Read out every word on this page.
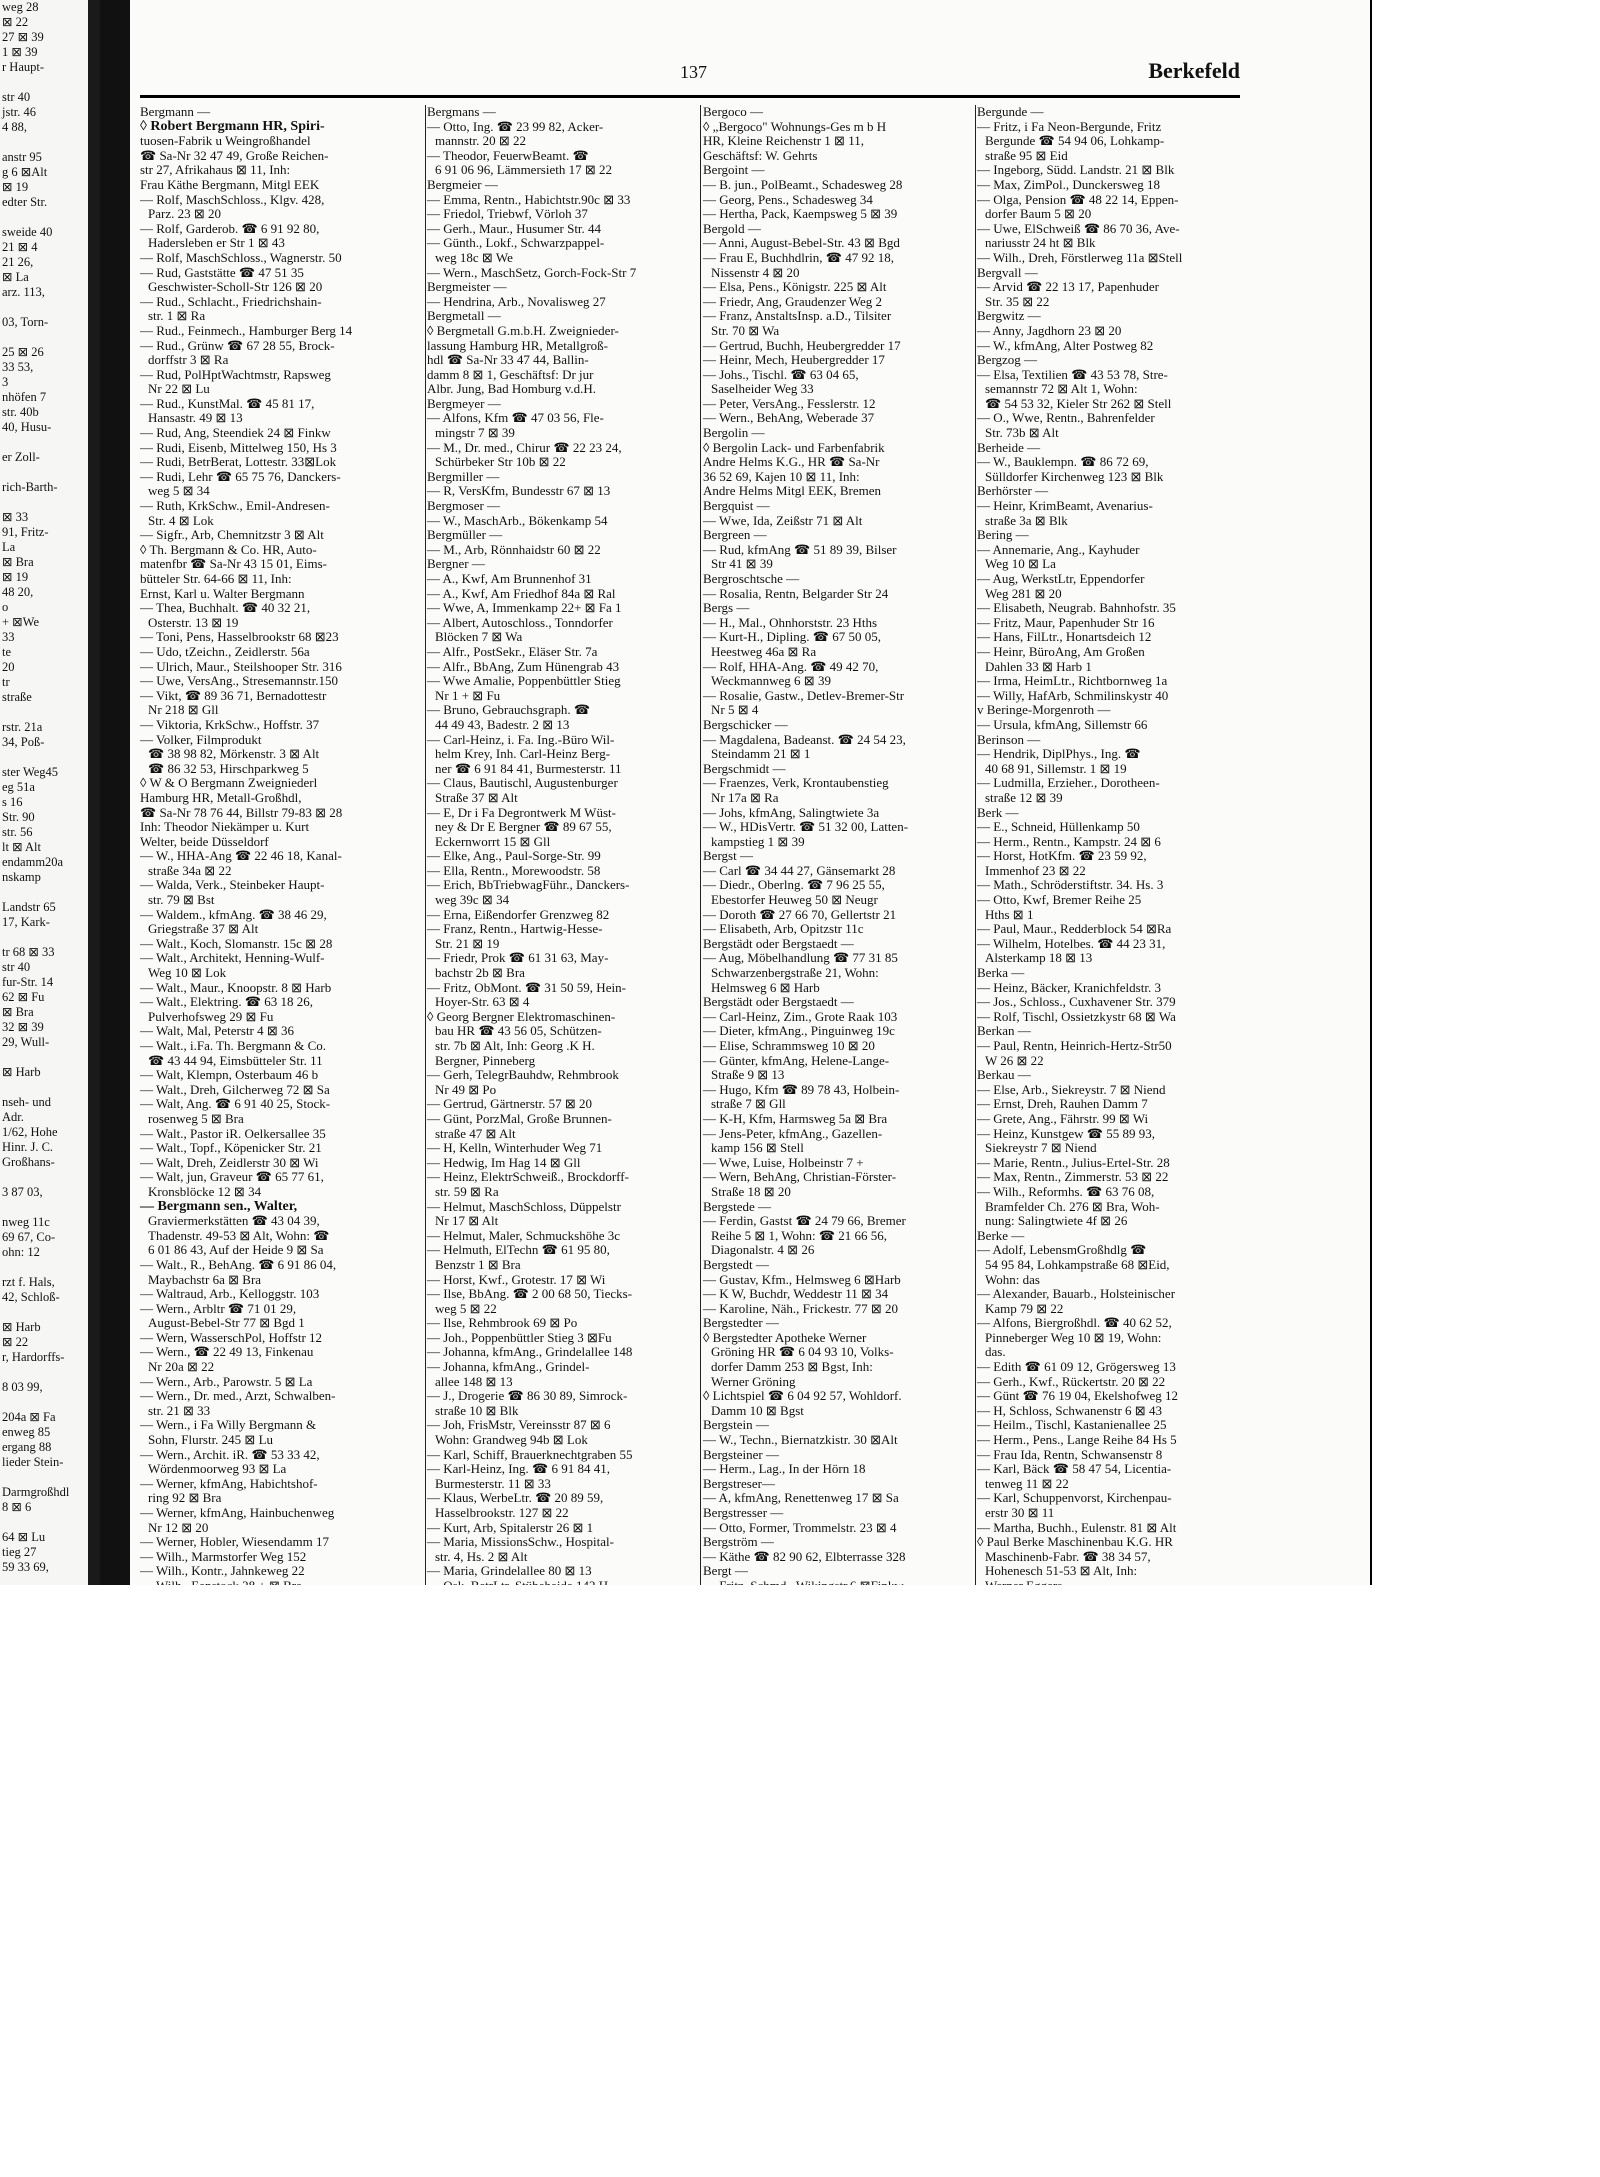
weg 28
⊠ 22
27 ⊠ 39
1 ⊠ 39
r Haupt-

str 40
jstr. 46
4 88,

anstr 95
g 6 ⊠Alt
⊠ 19
edter Str.

sweide 40
21 ⊠ 4
21 26,
⊠ La
arz. 113,

03, Torn-

25 ⊠ 26
33 53,
3
nhöfen 7
str. 40b
40, Husu-

er Zoll-

rich-Barth-

⊠ 33
91, Fritz-
La
⊠ Bra
⊠ 19
48 20,
o
+ ⊠We
33
te
20
tr
straße

rstr. 21a
34, Poß-

ster Weg45
eg 51a
s 16
Str. 90
str. 56
lt ⊠ Alt
endamm20a
nskamp

Landstr 65
17, Kark-

tr 68 ⊠ 33
str 40
fur-Str. 14
62 ⊠ Fu
⊠ Bra
32 ⊠ 39
29, Wull-

⊠ Harb

nseh- und
Adr.
1/62, Hohe
Hinr. J. C.
Großhans-

3 87 03,

nweg 11c
69 67, Co-
ohn: 12

rzt f. Hals,
42, Schloß-

⊠ Harb
⊠ 22
r, Hardorffs-

8 03 99,

204a ⊠ Fa
enweg 85
ergang 88
lieder Stein-

Darmgroßhdl
8 ⊠ 6

64 ⊠ Lu
tieg 27
59 33 69,

137	Berkefeld
Bergmann —
◊ Robert Bergmann HR, Spiri-
tuosen-Fabrik u Weingroßhandel
☎ Sa-Nr 32 47 49, Große Reichen-
str 27, Afrikahaus ⊠ 11, Inh:
Frau Käthe Bergmann, Mitgl EEK
— Rolf, MaschSchloss., Klgv. 428,
Parz. 23 ⊠ 20
— Rolf, Garderob. ☎ 6 91 92 80,
Hadersleben er Str 1 ⊠ 43
— Rolf, MaschSchloss., Wagnerstr. 50
— Rud, Gaststätte ☎ 47 51 35
Geschwister-Scholl-Str 126 ⊠ 20
— Rud., Schlacht., Friedrichshain-
str. 1 ⊠ Ra
— Rud., Feinmech., Hamburger Berg 14
— Rud., Grünw ☎ 67 28 55, Brock-
dorffstr 3 ⊠ Ra
— Rud, PolHptWachtmstr, Rapsweg
Nr 22 ⊠ Lu
— Rud., KunstMal. ☎ 45 81 17,
Hansastr. 49 ⊠ 13
— Rud, Ang, Steendiek 24 ⊠ Finkw
— Rudi, Eisenb, Mittelweg 150, Hs 3
— Rudi, BetrBerat, Lottestr. 33⊠Lok
— Rudi, Lehr ☎ 65 75 76, Danckers-
weg 5 ⊠ 34
— Ruth, KrkSchw., Emil-Andresen-
Str. 4 ⊠ Lok
— Sigfr., Arb, Chemnitzstr 3 ⊠ Alt
◊ Th. Bergmann & Co. HR, Auto-
matenfbr ☎ Sa-Nr 43 15 01, Eims-
bütteler Str. 64-66 ⊠ 11, Inh:
Ernst, Karl u. Walter Bergmann
— Thea, Buchhalt. ☎ 40 32 21,
Osterstr. 13 ⊠ 19
— Toni, Pens, Hasselbrookstr 68 ⊠23
— Udo, tZeichn., Zeidlerstr. 56a
— Ulrich, Maur., Steilshooper Str. 316
— Uwe, VersAng., Stresemannstr.150
— Vikt, ☎ 89 36 71, Bernadottestr
Nr 218 ⊠ Gll
— Viktoria, KrkSchw., Hoffstr. 37
— Volker, Filmprodukt
☎ 38 98 82, Mörkenstr. 3 ⊠ Alt
☎ 86 32 53, Hirschparkweg 5
◊ W & O Bergmann Zweigniederl
Hamburg HR, Metall-Großhdl,
☎ Sa-Nr 78 76 44, Billstr 79-83 ⊠ 28
Inh: Theodor Niekämper u. Kurt
Welter, beide Düsseldorf
— W., HHA-Ang ☎ 22 46 18, Kanal-
straße 34a ⊠ 22
— Walda, Verk., Steinbeker Haupt-
str. 79 ⊠ Bst
— Waldem., kfmAng. ☎ 38 46 29,
Griegstraße 37 ⊠ Alt
— Walt., Koch, Slomanstr. 15c ⊠ 28
— Walt., Architekt, Henning-Wulf-
Weg 10 ⊠ Lok
— Walt., Maur., Knoopstr. 8 ⊠ Harb
— Walt., Elektring. ☎ 63 18 26,
Pulverhofsweg 29 ⊠ Fu
— Walt, Mal, Peterstr 4 ⊠ 36
— Walt., i.Fa. Th. Bergmann & Co.
☎ 43 44 94, Eimsbütteler Str. 11
— Walt, Klempn, Osterbaum 46 b
— Walt., Dreh, Gilcherweg 72 ⊠ Sa
— Walt, Ang. ☎ 6 91 40 25, Stock-
rosenweg 5 ⊠ Bra
— Walt., Pastor iR. Oelkersallee 35
— Walt., Topf., Köpenicker Str. 21
— Walt, Dreh, Zeidlerstr 30 ⊠ Wi
— Walt, jun, Graveur ☎ 65 77 61,
Kronsblöcke 12 ⊠ 34
— Bergmann sen., Walter,
Graviermerkstätten ☎ 43 04 39,
Thadenstr. 49-53 ⊠ Alt, Wohn: ☎
6 01 86 43, Auf der Heide 9 ⊠ Sa
— Walt., R., BehAng. ☎ 6 91 86 04,
Maybachstr 6a ⊠ Bra
— Waltraud, Arb., Kelloggstr. 103
— Wern., Arbltr ☎ 71 01 29,
August-Bebel-Str 77 ⊠ Bgd 1
— Wern, WasserschPol, Hoffstr 12
— Wern., ☎ 22 49 13, Finkenau
Nr 20a ⊠ 22
— Wern., Arb., Parowstr. 5 ⊠ La
— Wern., Dr. med., Arzt, Schwalben-
str. 21 ⊠ 33
— Wern., i Fa Willy Bergmann &
Sohn, Flurstr. 245 ⊠ Lu
— Wern., Archit. iR. ☎ 53 33 42,
Wördenmoorweg 93 ⊠ La
— Werner, kfmAng, Habichtshof-
ring 92 ⊠ Bra
— Werner, kfmAng, Hainbuchenweg
Nr 12 ⊠ 20
— Werner, Hobler, Wiesendamm 17
— Wilh., Marmstorfer Weg 152
— Wilh., Kontr., Jahnkeweg 22
Bergmans —
— Otto, Ing. ☎ 23 99 82, Acker-
mannstr. 20 ⊠ 22
— Theodor, FeuerwBeamt. ☎
6 91 06 96, Lämmersieth 17 ⊠ 22
Bergmeier —
— Emma, Rentn., Habichtstr.90c ⊠ 33
— Friedol, Triebwf, Vörloh 37
— Gerh., Maur., Husumer Str. 44
— Günth., Lokf., Schwarzpappel-
weg 18c ⊠ We
— Wern., MaschSetz, Gorch-Fock-Str 7
Bergmeister —
— Hendrina, Arb., Novalisweg 27
Bergmetall —
◊ Bergmetall G.m.b.H. Zweignieder-
lassung Hamburg HR, Metallgroß-
hdl ☎ Sa-Nr 33 47 44, Ballin-
damm 8 ⊠ 1, Geschäftsf: Dr jur
Albr. Jung, Bad Homburg v.d.H.
Bergmeyer —
— Alfons, Kfm ☎ 47 03 56, Fle-
mingstr 7 ⊠ 39
— M., Dr. med., Chirur ☎ 22 23 24,
Schürbeker Str 10b ⊠ 22
Bergmiller —
— R, VersKfm, Bundesstr 67 ⊠ 13
Bergmoser —
— W., MaschArb., Bökenkamp 54
Bergmüller —
— M., Arb, Rönnhaidstr 60 ⊠ 22
Bergner —
— A., Kwf, Am Brunnenhof 31
— A., Kwf, Am Friedhof 84a ⊠ Ral
— Wwe, A, Immenkamp 22+ ⊠ Fa 1
— Albert, Autoschloss., Tonndorfer
Blöcken 7 ⊠ Wa
— Alfr., PostSekr., Eläser Str. 7a
— Alfr., BbAng, Zum Hünengrab 43
— Wwe Amalie, Poppenbüttler Stieg
Nr 1 + ⊠ Fu
— Bruno, Gebrauchsgraph. ☎
44 49 43, Badestr. 2 ⊠ 13
— Carl-Heinz, i. Fa. Ing.-Büro Wil-
helm Krey, Inh. Carl-Heinz Berg-
ner ☎ 6 91 84 41, Burmesterstr. 11
— Claus, Bautischl, Augustenburger
Straße 37 ⊠ Alt
— E, Dr i Fa Degrontwerk M Wüst-
ney & Dr E Bergner ☎ 89 67 55,
Eckernworrt 15 ⊠ Gll
— Elke, Ang., Paul-Sorge-Str. 99
— Ella, Rentn., Morewoodstr. 58
— Erich, BbTriebwagFühr., Danckers-
weg 39c ⊠ 34
— Erna, Eißendorfer Grenzweg 82
— Franz, Rentn., Hartwig-Hesse-
Str. 21 ⊠ 19
— Friedr, Prok ☎ 61 31 63, May-
bachstr 2b ⊠ Bra
— Fritz, ObMont. ☎ 31 50 59, Hein-
Hoyer-Str. 63 ⊠ 4
◊ Georg Bergner Elektromaschinen-
bau HR ☎ 43 56 05, Schützen-
str. 7b ⊠ Alt, Inh: Georg .K H.
Bergner, Pinneberg
— Gerh, TelegrBauhdw, Rehmbrook
Nr 49 ⊠ Po
— Gertrud, Gärtnerstr. 57 ⊠ 20
— Günt, PorzMal, Große Brunnen-
straße 47 ⊠ Alt
— H, Kelln, Winterhuder Weg 71
— Hedwig, Im Hag 14 ⊠ Gll
— Heinz, ElektrSchweiß., Brockdorff-
str. 59 ⊠ Ra
— Helmut, MaschSchloss, Düppelstr
Nr 17 ⊠ Alt
— Helmut, Maler, Schmuckshöhe 3c
— Helmuth, ElTechn ☎ 61 95 80,
Benzstr 1 ⊠ Bra
— Horst, Kwf., Grotestr. 17 ⊠ Wi
— Ilse, BbAng. ☎ 2 00 68 50, Tiecks-
weg 5 ⊠ 22
— Ilse, Rehmbrook 69 ⊠ Po
— Joh., Poppenbüttler Stieg 3 ⊠Fu
— Johanna, kfmAng., Grindelallee 148
— Johanna, kfmAng., Grindel-
allee 148 ⊠ 13
— J., Drogerie ☎ 86 30 89, Simrock-
straße 10 ⊠ Blk
— Joh, FrisMstr, Vereinsstr 87 ⊠ 6
Wohn: Grandweg 94b ⊠ Lok
— Karl, Schiff, Brauerknechtgraben 55
— Karl-Heinz, Ing. ☎ 6 91 84 41,
Burmesterstr. 11 ⊠ 33
— Klaus, WerbeLtr. ☎ 20 89 59,
Hasselbrookstr. 127 ⊠ 22
— Kurt, Arb, Spitalerstr 26 ⊠ 1
— Maria, MissionsSchw., Hospital-
str. 4, Hs. 2 ⊠ Alt
— Maria, Grindelallee 80 ⊠ 13
Bergoco —
◊ „Bergoco" Wohnungs-Ges m b H
HR, Kleine Reichenstr 1 ⊠ 11,
Geschäftsf: W. Gehrts
Bergoint —
— B. jun., PolBeamt., Schadesweg 28
— Georg, Pens., Schadesweg 34
— Hertha, Pack, Kaempsweg 5 ⊠ 39
Bergold —
— Anni, August-Bebel-Str. 43 ⊠ Bgd
— Frau E, Buchhdlrin, ☎ 47 92 18,
Nissenstr 4 ⊠ 20
— Elsa, Pens., Königstr. 225 ⊠ Alt
— Friedr, Ang, Graudenzer Weg 2
— Franz, AnstaltsInsp. a.D., Tilsiter
Str. 70 ⊠ Wa
— Gertrud, Buchh, Heubergredder 17
— Heinr, Mech, Heubergredder 17
— Johs., Tischl. ☎ 63 04 65,
Saselheider Weg 33
— Peter, VersAng., Fesslerstr. 12
— Wern., BehAng, Weberade 37
Bergolin —
◊ Bergolin Lack- und Farbenfabrik
Andre Helms K.G., HR ☎ Sa-Nr
36 52 69, Kajen 10 ⊠ 11, Inh:
Andre Helms Mitgl EEK, Bremen
Bergquist —
— Wwe, Ida, Zeißstr 71 ⊠ Alt
Bergreen —
— Rud, kfmAng ☎ 51 89 39, Bilser
Str 41 ⊠ 39
Bergroschtsche —
— Rosalia, Rentn, Belgarder Str 24
Bergs —
— H., Mal., Ohnhorststr. 23 Hths
— Kurt-H., Dipling. ☎ 67 50 05,
Heestweg 46a ⊠ Ra
— Rolf, HHA-Ang. ☎ 49 42 70,
Weckmannweg 6 ⊠ 39
— Rosalie, Gastw., Detlev-Bremer-Str
Nr 5 ⊠ 4
Bergschicker —
— Magdalena, Badeanst. ☎ 24 54 23,
Steindamm 21 ⊠ 1
Bergschmidt —
— Fraenzes, Verk, Krontaubenstieg
Nr 17a ⊠ Ra
— Johs, kfmAng, Salingtwiete 3a
— W., HDisVertr. ☎ 51 32 00, Latten-
kampstieg 1 ⊠ 39
Bergst —
— Carl ☎ 34 44 27, Gänsemarkt 28
— Diedr., Oberlng. ☎ 7 96 25 55,
Ebestorfer Heuweg 50 ⊠ Neugr
— Doroth ☎ 27 66 70, Gellertstr 21
— Elisabeth, Arb, Opitzstr 11c
Bergstädt oder Bergstaedt —
— Aug, Möbelhandlung ☎ 77 31 85
Schwarzenbergstraße 21, Wohn:
Helmsweg 6 ⊠ Harb
Bergstädt oder Bergstaedt —
— Carl-Heinz, Zim., Grote Raak 103
— Dieter, kfmAng., Pinguinweg 19c
— Elise, Schrammsweg 10 ⊠ 20
— Günter, kfmAng, Helene-Lange-
Straße 9 ⊠ 13
— Hugo, Kfm ☎ 89 78 43, Holbein-
straße 7 ⊠ Gll
— K-H, Kfm, Harmsweg 5a ⊠ Bra
— Jens-Peter, kfmAng., Gazellen-
kamp 156 ⊠ Stell
— Wwe, Luise, Holbeinstr 7 +
— Wern, BehAng, Christian-Förster-
Straße 18 ⊠ 20
Bergstede —
— Ferdin, Gastst ☎ 24 79 66, Bremer
Reihe 5 ⊠ 1, Wohn: ☎ 21 66 56,
Diagonalstr. 4 ⊠ 26
Bergstedt —
— Gustav, Kfm., Helmsweg 6 ⊠Harb
— K W, Buchdr, Weddestr 11 ⊠ 34
— Karoline, Näh., Frickestr. 77 ⊠ 20
Bergstedter —
◊ Bergstedter Apotheke Werner
Gröning HR ☎ 6 04 93 10, Volks-
dorfer Damm 253 ⊠ Bgst, Inh:
Werner Gröning
◊ Lichtspiel ☎ 6 04 92 57, Wohldorf.
Damm 10 ⊠ Bgst
Bergstein —
— W., Techn., Biernatzkistr. 30 ⊠Alt
Bergsteiner —
— Herm., Lag., In der Hörn 18
Bergstreser—
— A, kfmAng, Renettenweg 17 ⊠ Sa
Bergstresser —
— Otto, Former, Trommelstr. 23 ⊠ 4
Bergström —
— Käthe ☎ 82 90 62, Elbterrasse 328
Bergt —
Bergunde —
— Fritz, i Fa Neon-Bergunde, Fritz
Bergunde ☎ 54 94 06, Lohkamp-
straße 95 ⊠ Eid
— Ingeborg, Südd. Landstr. 21 ⊠ Blk
— Max, ZimPol., Dunckersweg 18
— Olga, Pension ☎ 48 22 14, Eppen-
dorfer Baum 5 ⊠ 20
— Uwe, ElSchweiß ☎ 86 70 36, Ave-
nariusstr 24 ht ⊠ Blk
— Wilh., Dreh, Förstlerweg 11a ⊠Stell
Bergvall —
— Arvid ☎ 22 13 17, Papenhuder
Str. 35 ⊠ 22
Bergwitz —
— Anny, Jagdhorn 23 ⊠ 20
— W., kfmAng, Alter Postweg 82
Bergzog —
— Elsa, Textilien ☎ 43 53 78, Stre-
semannstr 72 ⊠ Alt 1, Wohn:
☎ 54 53 32, Kieler Str 262 ⊠ Stell
— O., Wwe, Rentn., Bahrenfelder
Str. 73b ⊠ Alt
Berheide —
— W., Bauklempn. ☎ 86 72 69,
Sülldorfer Kirchenweg 123 ⊠ Blk
Berhörster —
— Heinr, KrimBeamt, Avenarius-
straße 3a ⊠ Blk
Bering —
— Annemarie, Ang., Kayhuder
Weg 10 ⊠ La
— Aug, WerkstLtr, Eppendorfer
Weg 281 ⊠ 20
— Elisabeth, Neugrab. Bahnhofstr. 35
— Fritz, Maur, Papenhuder Str 16
— Hans, FilLtr., Honartsdeich 12
— Heinr, BüroAng, Am Großen
Dahlen 33 ⊠ Harb 1
— Irma, HeimLtr., Richtbornweg 1a
— Willy, HafArb, Schmilinskystr 40
v Beringe-Morgenroth —
— Ursula, kfmAng, Sillemstr 66
Berinson —
— Hendrik, DiplPhys., Ing. ☎
40 68 91, Sillemstr. 1 ⊠ 19
— Ludmilla, Erzieher., Dorotheen-
straße 12 ⊠ 39
Berk —
— E., Schneid, Hüllenkamp 50
— Herm., Rentn., Kampstr. 24 ⊠ 6
— Horst, HotKfm. ☎ 23 59 92,
Immenhof 23 ⊠ 22
— Math., Schröderstiftstr. 34. Hs. 3
— Otto, Kwf, Bremer Reihe 25
Hths ⊠ 1
— Paul, Maur., Redderblock 54 ⊠Ra
— Wilhelm, Hotelbes. ☎ 44 23 31,
Alsterkamp 18 ⊠ 13
Berka —
— Heinz, Bäcker, Kranichfeldstr. 3
— Jos., Schloss., Cuxhavener Str. 379
— Rolf, Tischl, Ossietzkystr 68 ⊠ Wa
Berkan —
— Paul, Rentn, Heinrich-Hertz-Str50
W 26 ⊠ 22
Berkau —
— Else, Arb., Siekreystr. 7 ⊠ Niend
— Ernst, Dreh, Rauhen Damm 7
— Grete, Ang., Fährstr. 99 ⊠ Wi
— Heinz, Kunstgew ☎ 55 89 93,
Siekreystr 7 ⊠ Niend
— Marie, Rentn., Julius-Ertel-Str. 28
— Max, Rentn., Zimmerstr. 53 ⊠ 22
— Wilh., Reformhs. ☎ 63 76 08,
Bramfelder Ch. 276 ⊠ Bra, Woh-
nung: Salingtwiete 4f ⊠ 26
Berke —
— Adolf, LebensmGroßhdlg ☎
54 95 84, Lohkampstraße 68 ⊠Eid,
Wohn: das
— Alexander, Bauarb., Holsteinischer
Kamp 79 ⊠ 22
— Alfons, Biergroßhdl. ☎ 40 62 52,
Pinneberger Weg 10 ⊠ 19, Wohn:
das.
— Edith ☎ 61 09 12, Grögersweg 13
— Gerh., Kwf., Rückertstr. 20 ⊠ 22
— Günt ☎ 76 19 04, Ekelshofweg 12
— H, Schloss, Schwanenstr 6 ⊠ 43
— Heilm., Tischl, Kastanienallee 25
— Herm., Pens., Lange Reihe 84 Hs 5
— Frau Ida, Rentn, Schwansenstr 8
— Karl, Bäck ☎ 58 47 54, Licentia-
tenweg 11 ⊠ 22
— Karl, Schuppenvorst, Kirchenpau-
erstr 30 ⊠ 11
— Martha, Buchh., Eulenstr. 81 ⊠ Alt
◊ Paul Berke Maschinenbau K.G. HR
Maschinenb-Fabr. ☎ 38 34 57,
Hohenesch 51-53 ⊠ Alt, Inh:
